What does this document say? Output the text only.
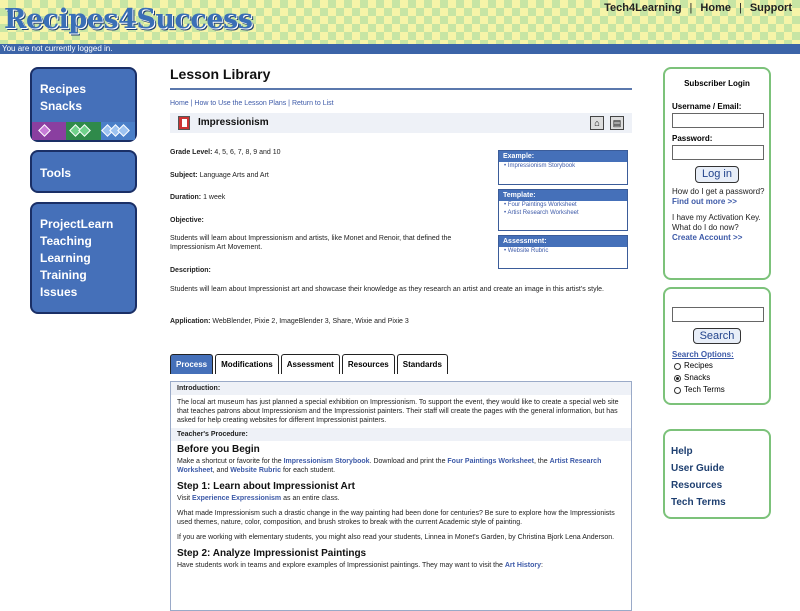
Recipes4Success	Tech4Learning | Home | Support
You are not currently logged in.
Recipes
Snacks
Tools
ProjectLearn
Teaching
Learning
Training
Issues
Lesson Library
Home | How to Use the Lesson Plans | Return to List
Impressionism	⌂	▤
Grade Level: 4, 5, 6, 7, 8, 9 and 10
Subject: Language Arts and Art
Duration: 1 week
Objective:
Students will learn about Impressionism and artists, like Monet and Renoir, that defined the Impressionism Art Movement.
Description:
Students will learn about Impressionist art and showcase their knowledge as they research an artist and create an image in this artist's style.
Application: WebBlender, Pixie 2, ImageBlender 3, Share, Wixie and Pixie 3
Example:
• Impressionism Storybook
Template:
• Four Paintings Worksheet
• Artist Research Worksheet
Assessment:
• Website Rubric
Process	Modifications	Assessment	Resources	Standards
Introduction:

The local art museum has just planned a special exhibition on Impressionism. To support the event, they would like to create a special web site that teaches patrons about Impressionism and the Impressionist painters. Their staff will create the pages with the general information, but has asked for help creating websites for different Impressionist painters.

Teacher's Procedure:
Before you Begin

Make a shortcut or favorite for the Impressionism Storybook. Download and print the Four Paintings Worksheet, the Artist Research Worksheet, and Website Rubric for each student.

Step 1: Learn about Impressionist Art

Visit Experience Expressionism as an entire class.

What made Impressionism such a drastic change in the way painting had been done for centuries? Be sure to explore how the Impressionists used themes, nature, color, composition, and brush strokes to break with the current Academic style of painting.

If you are working with elementary students, you might also read your students, Linnea in Monet's Garden, by Christina Bjork Lena Anderson.

Step 2: Analyze Impressionist Paintings

Have students work in teams and explore examples of Impressionist paintings. They may want to visit the Art History:

Subscriber Login
Username / Email:
Password:
Log in
How do I get a password?
Find out more >>
I have my Activation Key. What do I do now?
Create Account >>
Search
Search Options:
Recipes
Snacks
Tech Terms
Help
User Guide
Resources
Tech Terms
